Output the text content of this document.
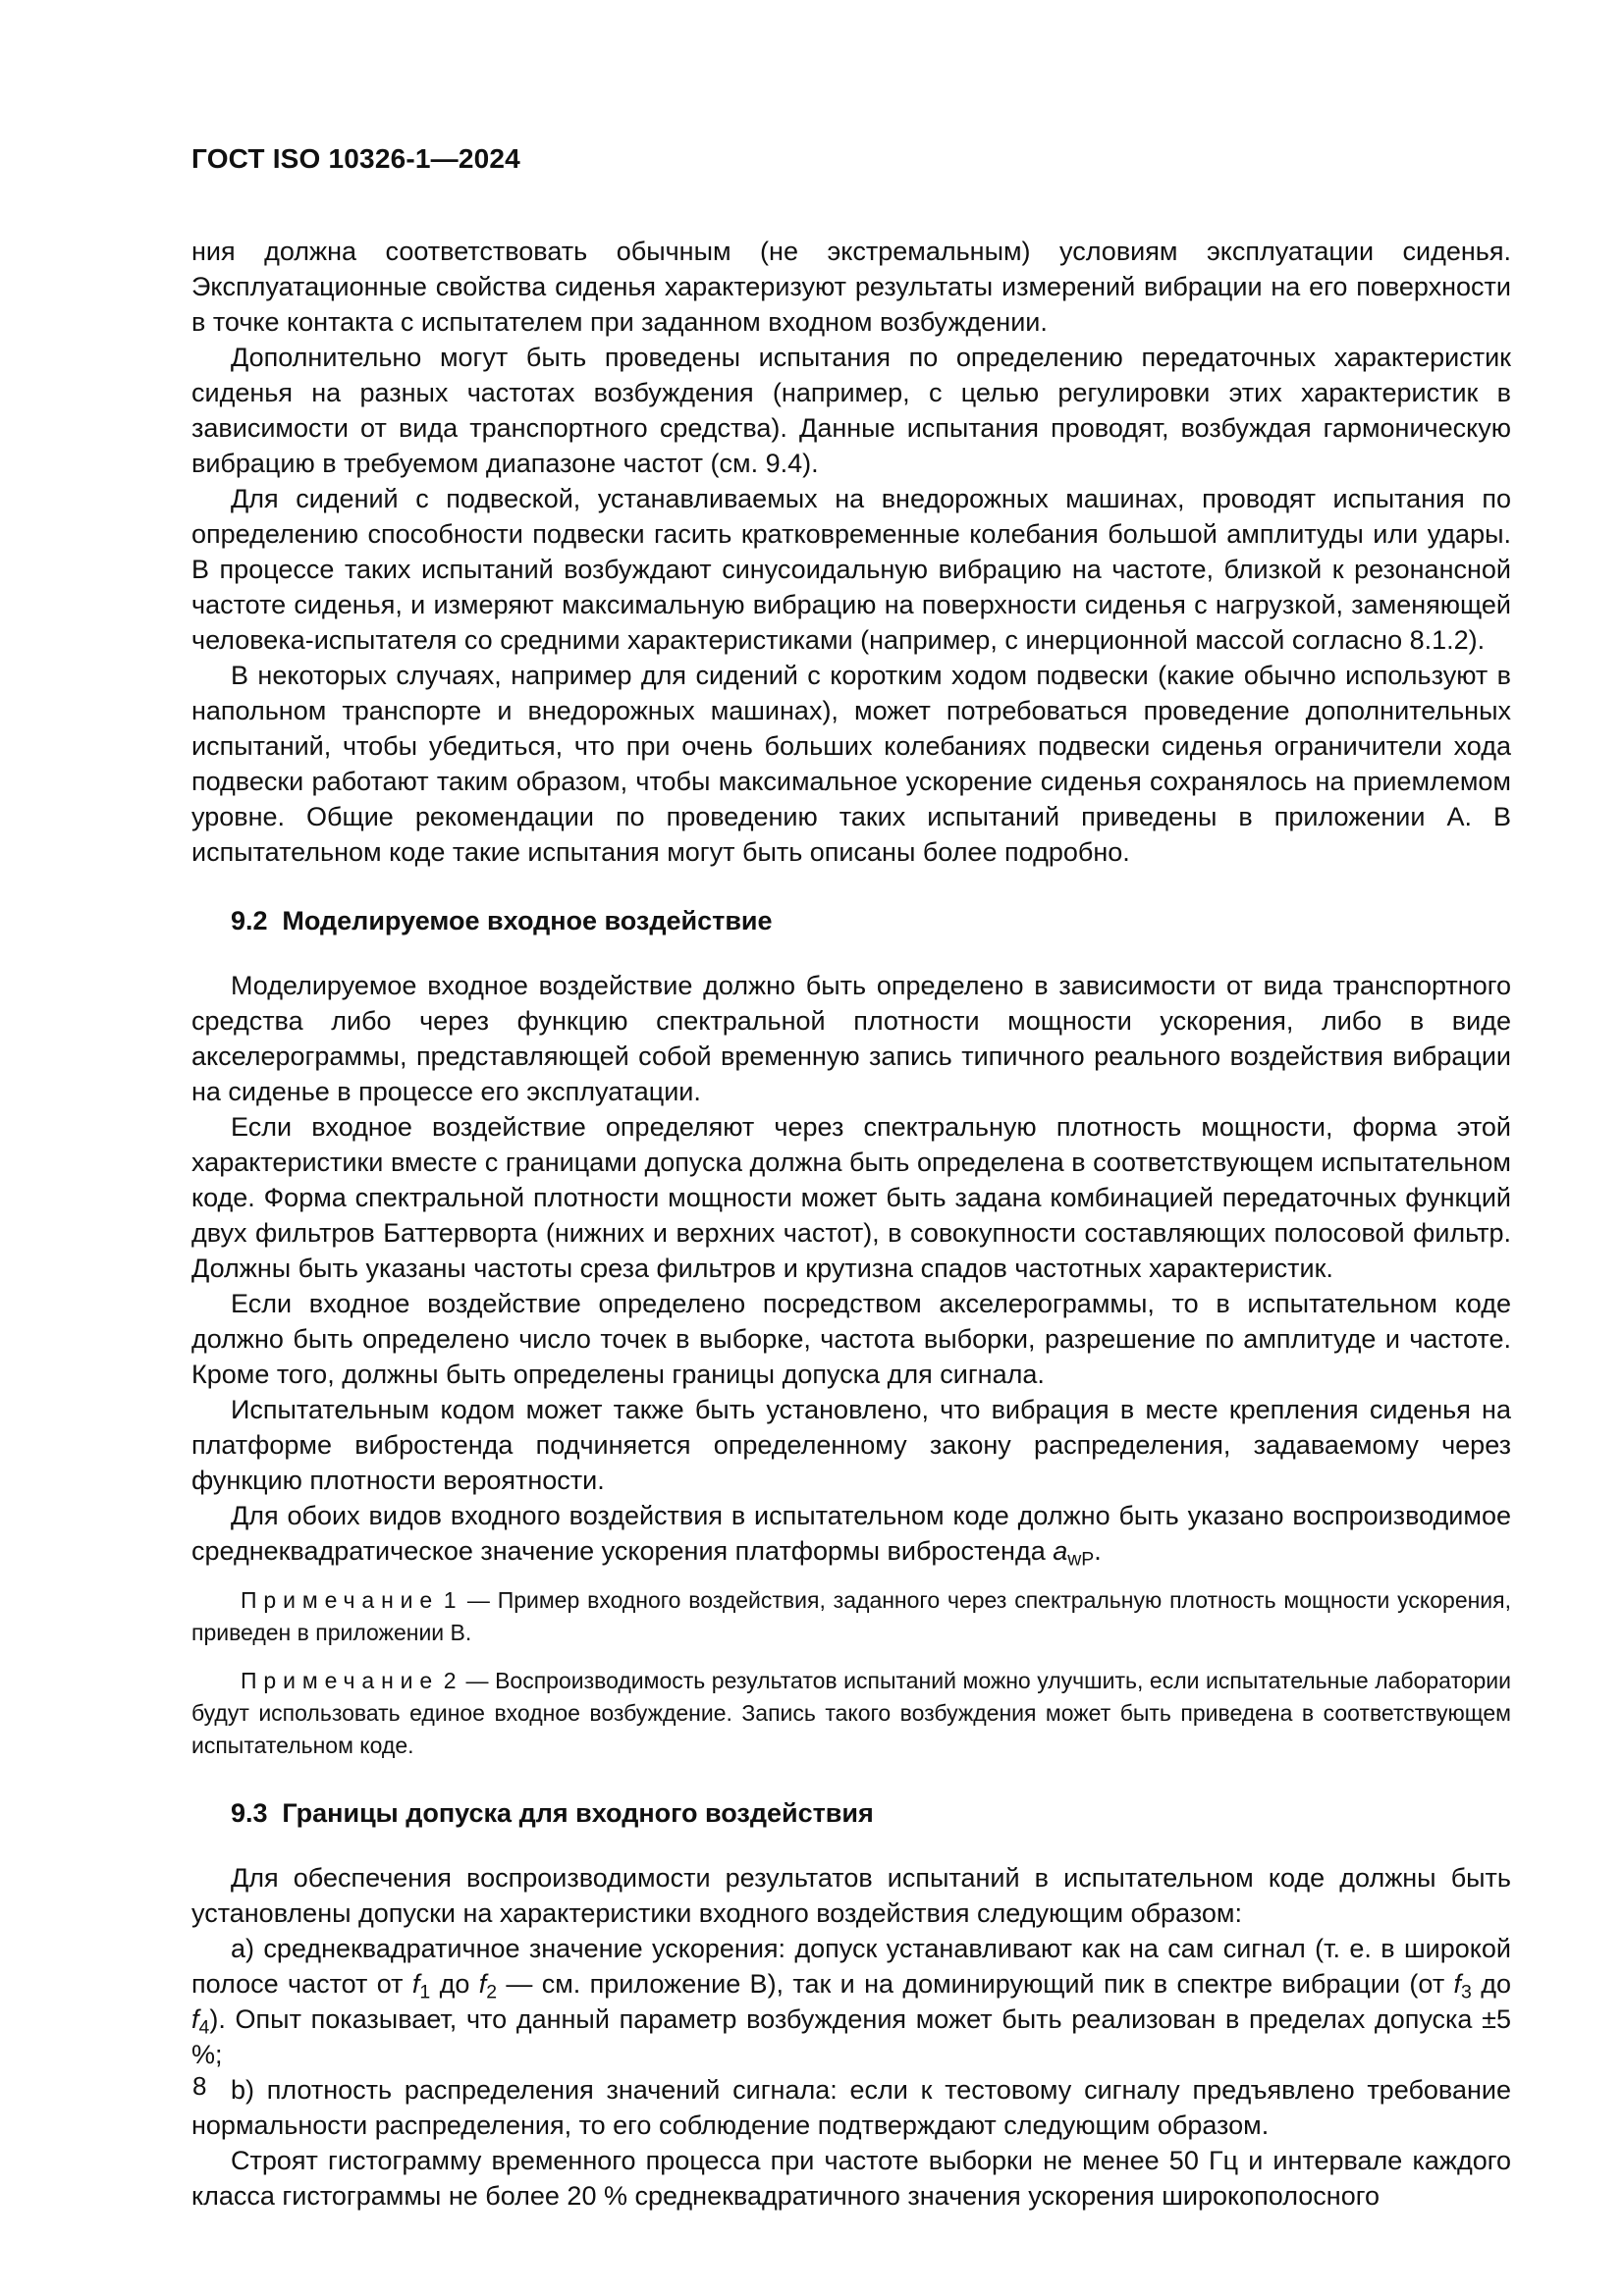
ГОСТ ISO 10326-1—2024

ния должна соответствовать обычным (не экстремальным) условиям эксплуатации сиденья. Эксплуатационные свойства сиденья характеризуют результаты измерений вибрации на его поверхности в точке контакта с испытателем при заданном входном возбуждении.

Дополнительно могут быть проведены испытания по определению передаточных характеристик сиденья на разных частотах возбуждения (например, с целью регулировки этих характеристик в зависимости от вида транспортного средства). Данные испытания проводят, возбуждая гармоническую вибрацию в требуемом диапазоне частот (см. 9.4).

Для сидений с подвеской, устанавливаемых на внедорожных машинах, проводят испытания по определению способности подвески гасить кратковременные колебания большой амплитуды или удары. В процессе таких испытаний возбуждают синусоидальную вибрацию на частоте, близкой к резонансной частоте сиденья, и измеряют максимальную вибрацию на поверхности сиденья с нагрузкой, заменяющей человека-испытателя со средними характеристиками (например, с инерционной массой согласно 8.1.2).

В некоторых случаях, например для сидений с коротким ходом подвески (какие обычно используют в напольном транспорте и внедорожных машинах), может потребоваться проведение дополнительных испытаний, чтобы убедиться, что при очень больших колебаниях подвески сиденья ограничители хода подвески работают таким образом, чтобы максимальное ускорение сиденья сохранялось на приемлемом уровне. Общие рекомендации по проведению таких испытаний приведены в приложении А. В испытательном коде такие испытания могут быть описаны более подробно.

9.2 Моделируемое входное воздействие

Моделируемое входное воздействие должно быть определено в зависимости от вида транспортного средства либо через функцию спектральной плотности мощности ускорения, либо в виде акселерограммы, представляющей собой временную запись типичного реального воздействия вибрации на сиденье в процессе его эксплуатации.

Если входное воздействие определяют через спектральную плотность мощности, форма этой характеристики вместе с границами допуска должна быть определена в соответствующем испытательном коде. Форма спектральной плотности мощности может быть задана комбинацией передаточных функций двух фильтров Баттерворта (нижних и верхних частот), в совокупности составляющих полосовой фильтр. Должны быть указаны частоты среза фильтров и крутизна спадов частотных характеристик.

Если входное воздействие определено посредством акселерограммы, то в испытательном коде должно быть определено число точек в выборке, частота выборки, разрешение по амплитуде и частоте. Кроме того, должны быть определены границы допуска для сигнала.

Испытательным кодом может также быть установлено, что вибрация в месте крепления сиденья на платформе вибростенда подчиняется определенному закону распределения, задаваемому через функцию плотности вероятности.

Для обоих видов входного воздействия в испытательном коде должно быть указано воспроизводимое среднеквадратическое значение ускорения платформы вибростенда $a_{wP}$.

Примечание 1 — Пример входного воздействия, заданного через спектральную плотность мощности ускорения, приведен в приложении В.

Примечание 2 — Воспроизводимость результатов испытаний можно улучшить, если испытательные лаборатории будут использовать единое входное возбуждение. Запись такого возбуждения может быть приведена в соответствующем испытательном коде.

9.3 Границы допуска для входного воздействия

Для обеспечения воспроизводимости результатов испытаний в испытательном коде должны быть установлены допуски на характеристики входного воздействия следующим образом:

a) среднеквадратичное значение ускорения: допуск устанавливают как на сам сигнал (т. е. в широкой полосе частот от $f_1$ до $f_2$ — см. приложение В), так и на доминирующий пик в спектре вибрации (от $f_3$ до $f_4$). Опыт показывает, что данный параметр возбуждения может быть реализован в пределах допуска ±5 %;

b) плотность распределения значений сигнала: если к тестовому сигналу предъявлено требование нормальности распределения, то его соблюдение подтверждают следующим образом.

Строят гистограмму временного процесса при частоте выборки не менее 50 Гц и интервале каждого класса гистограммы не более 20 % среднеквадратичного значения ускорения широкополосного

8
